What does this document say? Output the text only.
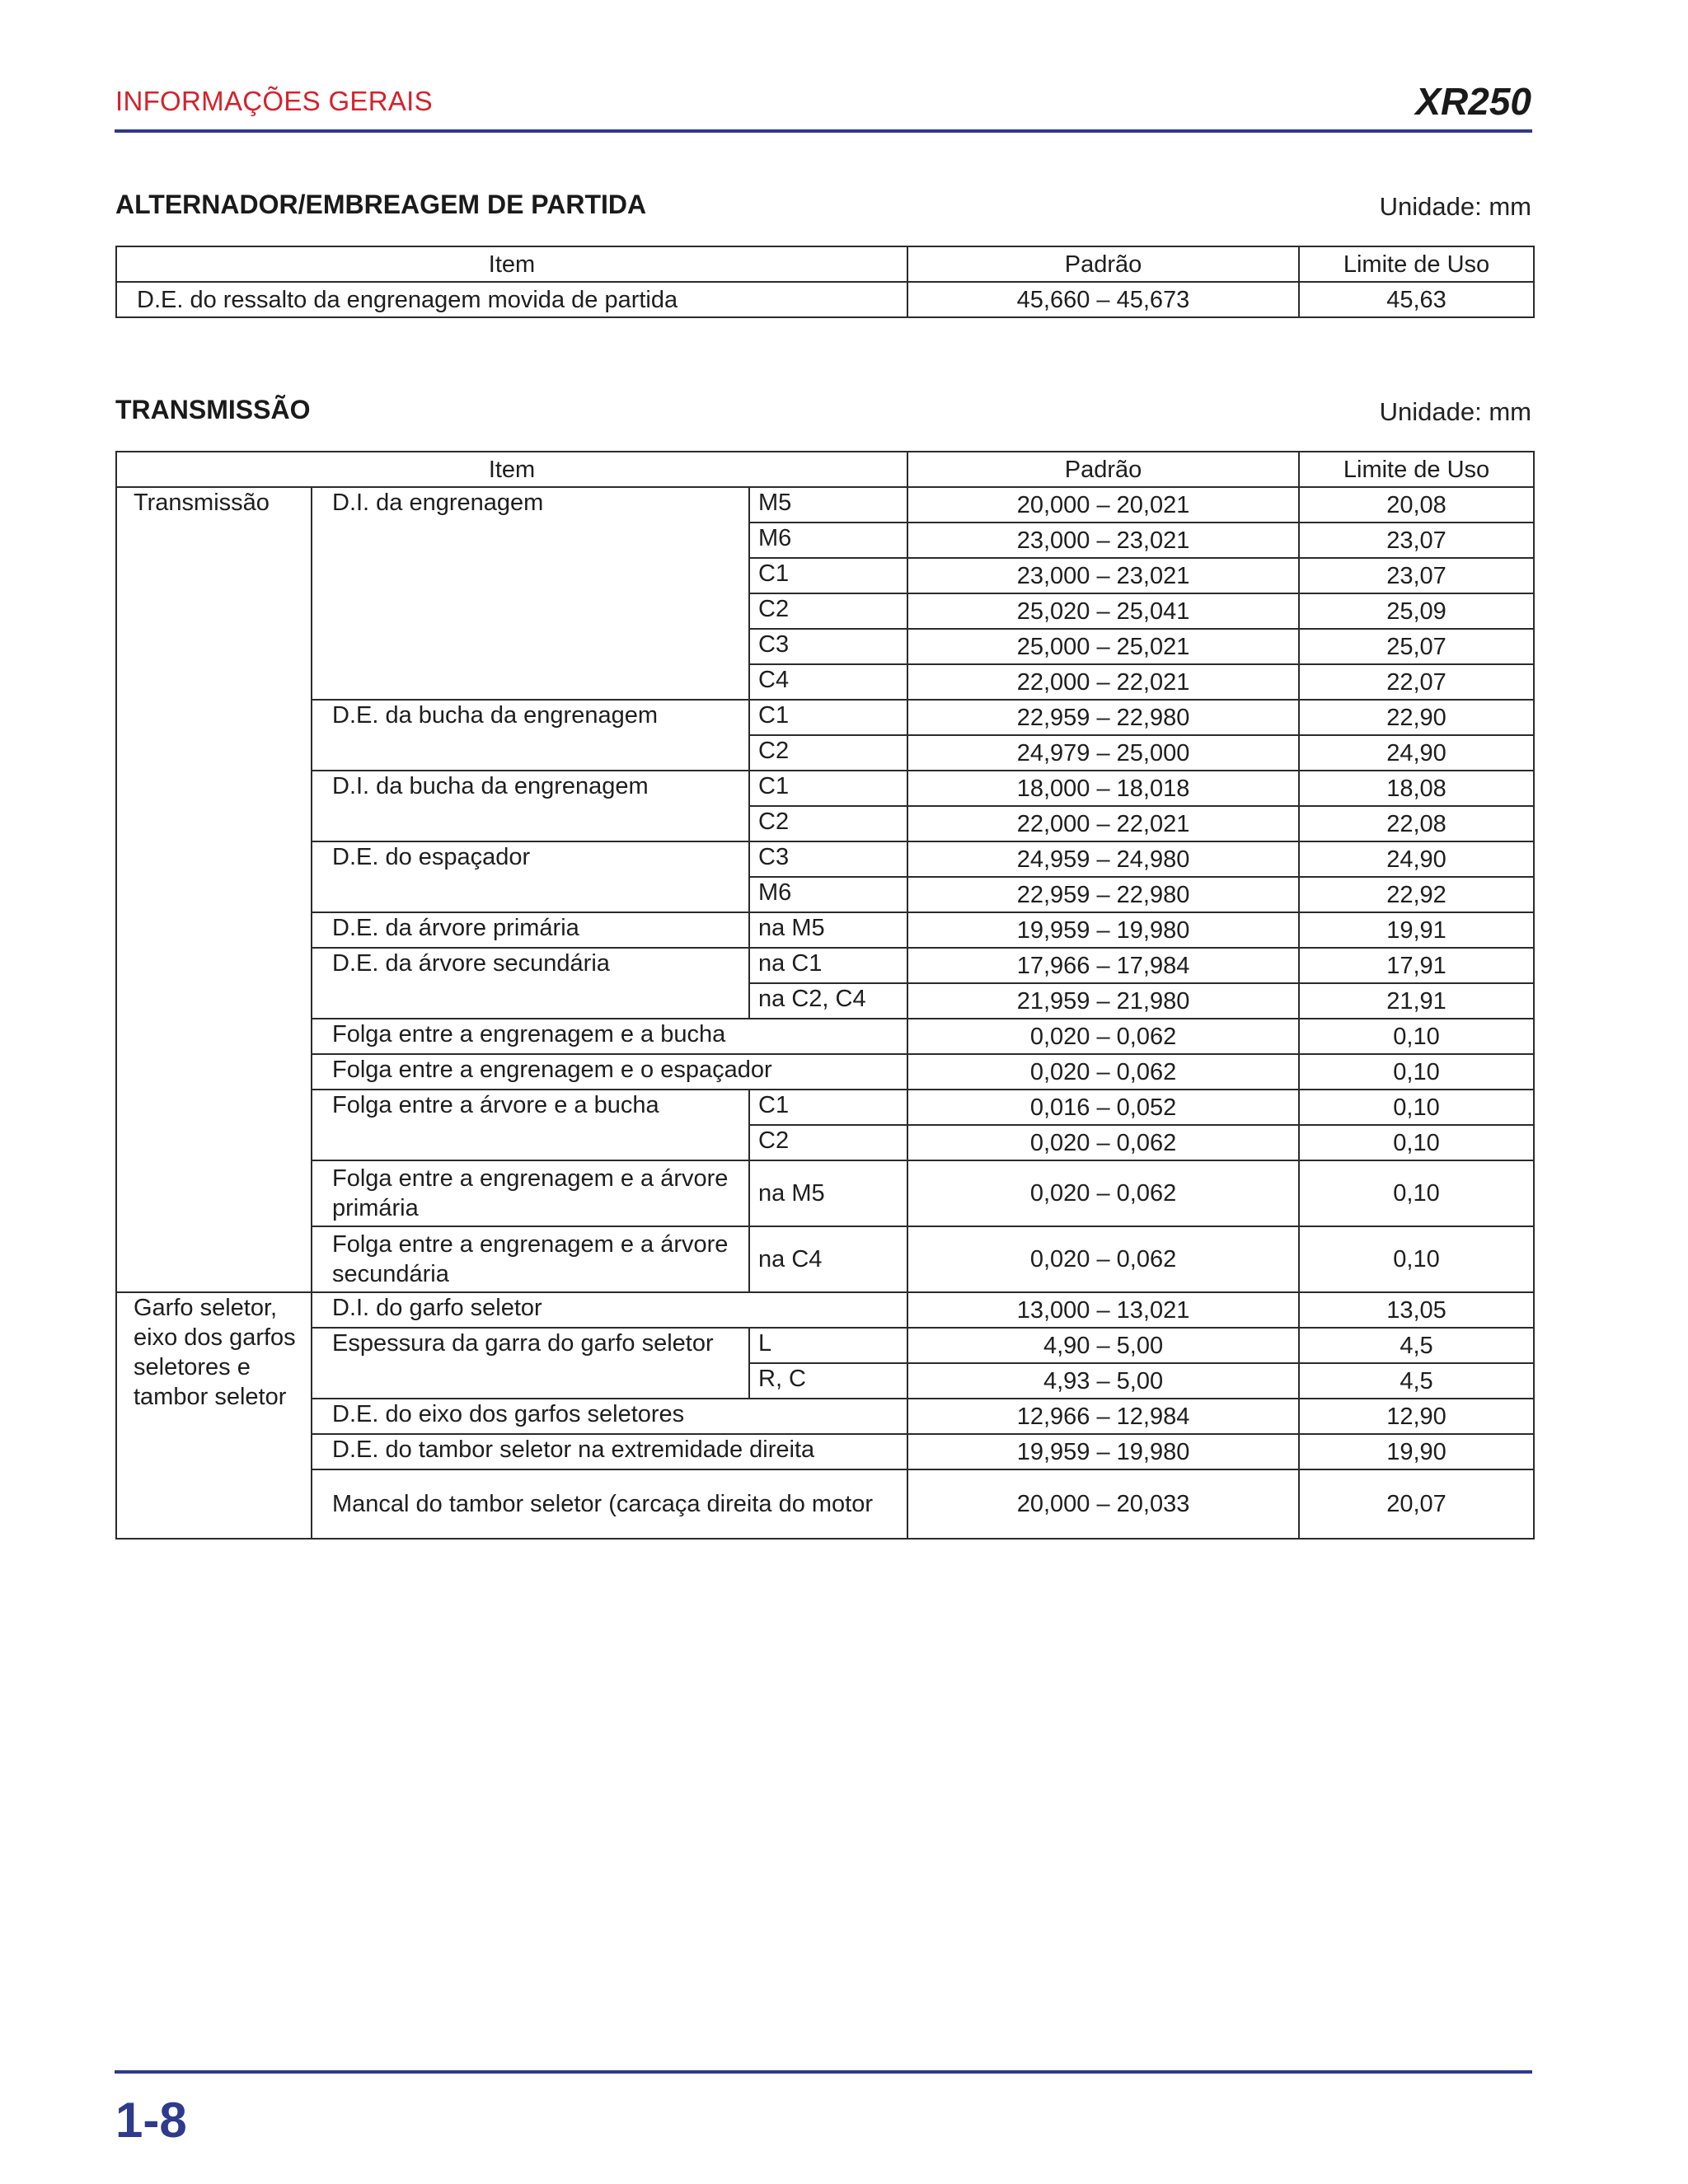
INFORMAÇÕES GERAIS	XR250
ALTERNADOR/EMBREAGEM DE PARTIDA	Unidade: mm
Item	Padrão	Limite de Uso
D.E. do ressalto da engrenagem movida de partida	45,660 – 45,673	45,63
TRANSMISSÃO	Unidade: mm
Item			Padrão	Limite de Uso
Transmissão	D.I. da engrenagem	M5	20,000 – 20,021	20,08
		M6	23,000 – 23,021	23,07
		C1	23,000 – 23,021	23,07
		C2	25,020 – 25,041	25,09
		C3	25,000 – 25,021	25,07
		C4	22,000 – 22,021	22,07
	D.E. da bucha da engrenagem	C1	22,959 – 22,980	22,90
		C2	24,979 – 25,000	24,90
	D.I. da bucha da engrenagem	C1	18,000 – 18,018	18,08
		C2	22,000 – 22,021	22,08
	D.E. do espaçador	C3	24,959 – 24,980	24,90
		M6	22,959 – 22,980	22,92
	D.E. da árvore primária	na M5	19,959 – 19,980	19,91
	D.E. da árvore secundária	na C1	17,966 – 17,984	17,91
		na C2, C4	21,959 – 21,980	21,91
	Folga entre a engrenagem e a bucha		0,020 – 0,062	0,10
	Folga entre a engrenagem e o espaçador		0,020 – 0,062	0,10
	Folga entre a árvore e a bucha	C1	0,016 – 0,052	0,10
		C2	0,020 – 0,062	0,10
	Folga entre a engrenagem e a árvore primária	na M5	0,020 – 0,062	0,10
	Folga entre a engrenagem e a árvore secundária	na C4	0,020 – 0,062	0,10
Garfo seletor, eixo dos garfos seletores e tambor seletor	D.I. do garfo seletor		13,000 – 13,021	13,05
	Espessura da garra do garfo seletor	L	4,90 – 5,00	4,5
		R, C	4,93 – 5,00	4,5
	D.E. do eixo dos garfos seletores		12,966 – 12,984	12,90
	D.E. do tambor seletor na extremidade direita		19,959 – 19,980	19,90
	Mancal do tambor seletor (carcaça direita do motor		20,000 – 20,033	20,07
1-8
